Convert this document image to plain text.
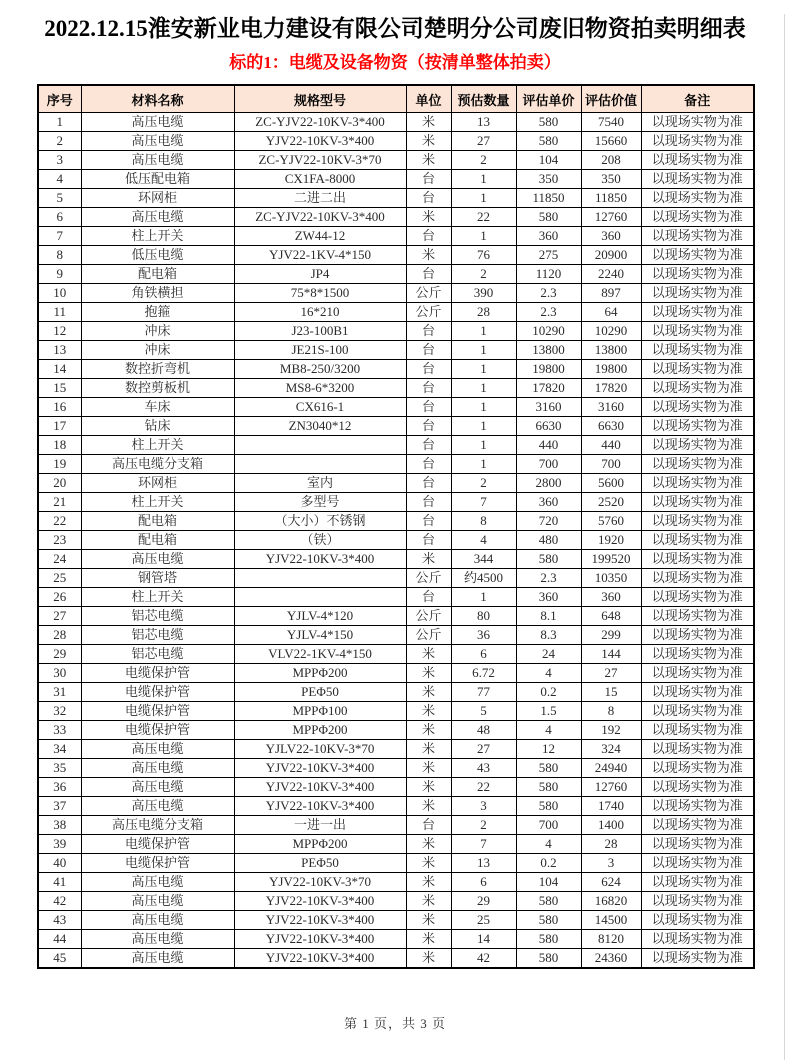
2022.12.15淮安新业电力建设有限公司楚明分公司废旧物资拍卖明细表
标的1：电缆及设备物资（按清单整体拍卖）
序号	材料名称	规格型号	单位	预估数量	评估单价	评估价值	备注
1	高压电缆	ZC-YJV22-10KV-3*400	米	13	580	7540	以现场实物为准
2	高压电缆	YJV22-10KV-3*400	米	27	580	15660	以现场实物为准
3	高压电缆	ZC-YJV22-10KV-3*70	米	2	104	208	以现场实物为准
4	低压配电箱	CX1FA-8000	台	1	350	350	以现场实物为准
5	环网柜	二进二出	台	1	11850	11850	以现场实物为准
6	高压电缆	ZC-YJV22-10KV-3*400	米	22	580	12760	以现场实物为准
7	柱上开关	ZW44-12	台	1	360	360	以现场实物为准
8	低压电缆	YJV22-1KV-4*150	米	76	275	20900	以现场实物为准
9	配电箱	JP4	台	2	1120	2240	以现场实物为准
10	角铁横担	75*8*1500	公斤	390	2.3	897	以现场实物为准
11	抱箍	16*210	公斤	28	2.3	64	以现场实物为准
12	冲床	J23-100B1	台	1	10290	10290	以现场实物为准
13	冲床	JE21S-100	台	1	13800	13800	以现场实物为准
14	数控折弯机	MB8-250/3200	台	1	19800	19800	以现场实物为准
15	数控剪板机	MS8-6*3200	台	1	17820	17820	以现场实物为准
16	车床	CX616-1	台	1	3160	3160	以现场实物为准
17	钻床	ZN3040*12	台	1	6630	6630	以现场实物为准
18	柱上开关		台	1	440	440	以现场实物为准
19	高压电缆分支箱		台	1	700	700	以现场实物为准
20	环网柜	室内	台	2	2800	5600	以现场实物为准
21	柱上开关	多型号	台	7	360	2520	以现场实物为准
22	配电箱	（大小）不锈钢	台	8	720	5760	以现场实物为准
23	配电箱	（铁）	台	4	480	1920	以现场实物为准
24	高压电缆	YJV22-10KV-3*400	米	344	580	199520	以现场实物为准
25	钢管塔		公斤	约4500	2.3	10350	以现场实物为准
26	柱上开关		台	1	360	360	以现场实物为准
27	铝芯电缆	YJLV-4*120	公斤	80	8.1	648	以现场实物为准
28	铝芯电缆	YJLV-4*150	公斤	36	8.3	299	以现场实物为准
29	铝芯电缆	VLV22-1KV-4*150	米	6	24	144	以现场实物为准
30	电缆保护管	MPPΦ200	米	6.72	4	27	以现场实物为准
31	电缆保护管	PEΦ50	米	77	0.2	15	以现场实物为准
32	电缆保护管	MPPΦ100	米	5	1.5	8	以现场实物为准
33	电缆保护管	MPPΦ200	米	48	4	192	以现场实物为准
34	高压电缆	YJLV22-10KV-3*70	米	27	12	324	以现场实物为准
35	高压电缆	YJV22-10KV-3*400	米	43	580	24940	以现场实物为准
36	高压电缆	YJV22-10KV-3*400	米	22	580	12760	以现场实物为准
37	高压电缆	YJV22-10KV-3*400	米	3	580	1740	以现场实物为准
38	高压电缆分支箱	一进一出	台	2	700	1400	以现场实物为准
39	电缆保护管	MPPΦ200	米	7	4	28	以现场实物为准
40	电缆保护管	PEΦ50	米	13	0.2	3	以现场实物为准
41	高压电缆	YJV22-10KV-3*70	米	6	104	624	以现场实物为准
42	高压电缆	YJV22-10KV-3*400	米	29	580	16820	以现场实物为准
43	高压电缆	YJV22-10KV-3*400	米	25	580	14500	以现场实物为准
44	高压电缆	YJV22-10KV-3*400	米	14	580	8120	以现场实物为准
45	高压电缆	YJV22-10KV-3*400	米	42	580	24360	以现场实物为准
第 1 页，共 3 页
